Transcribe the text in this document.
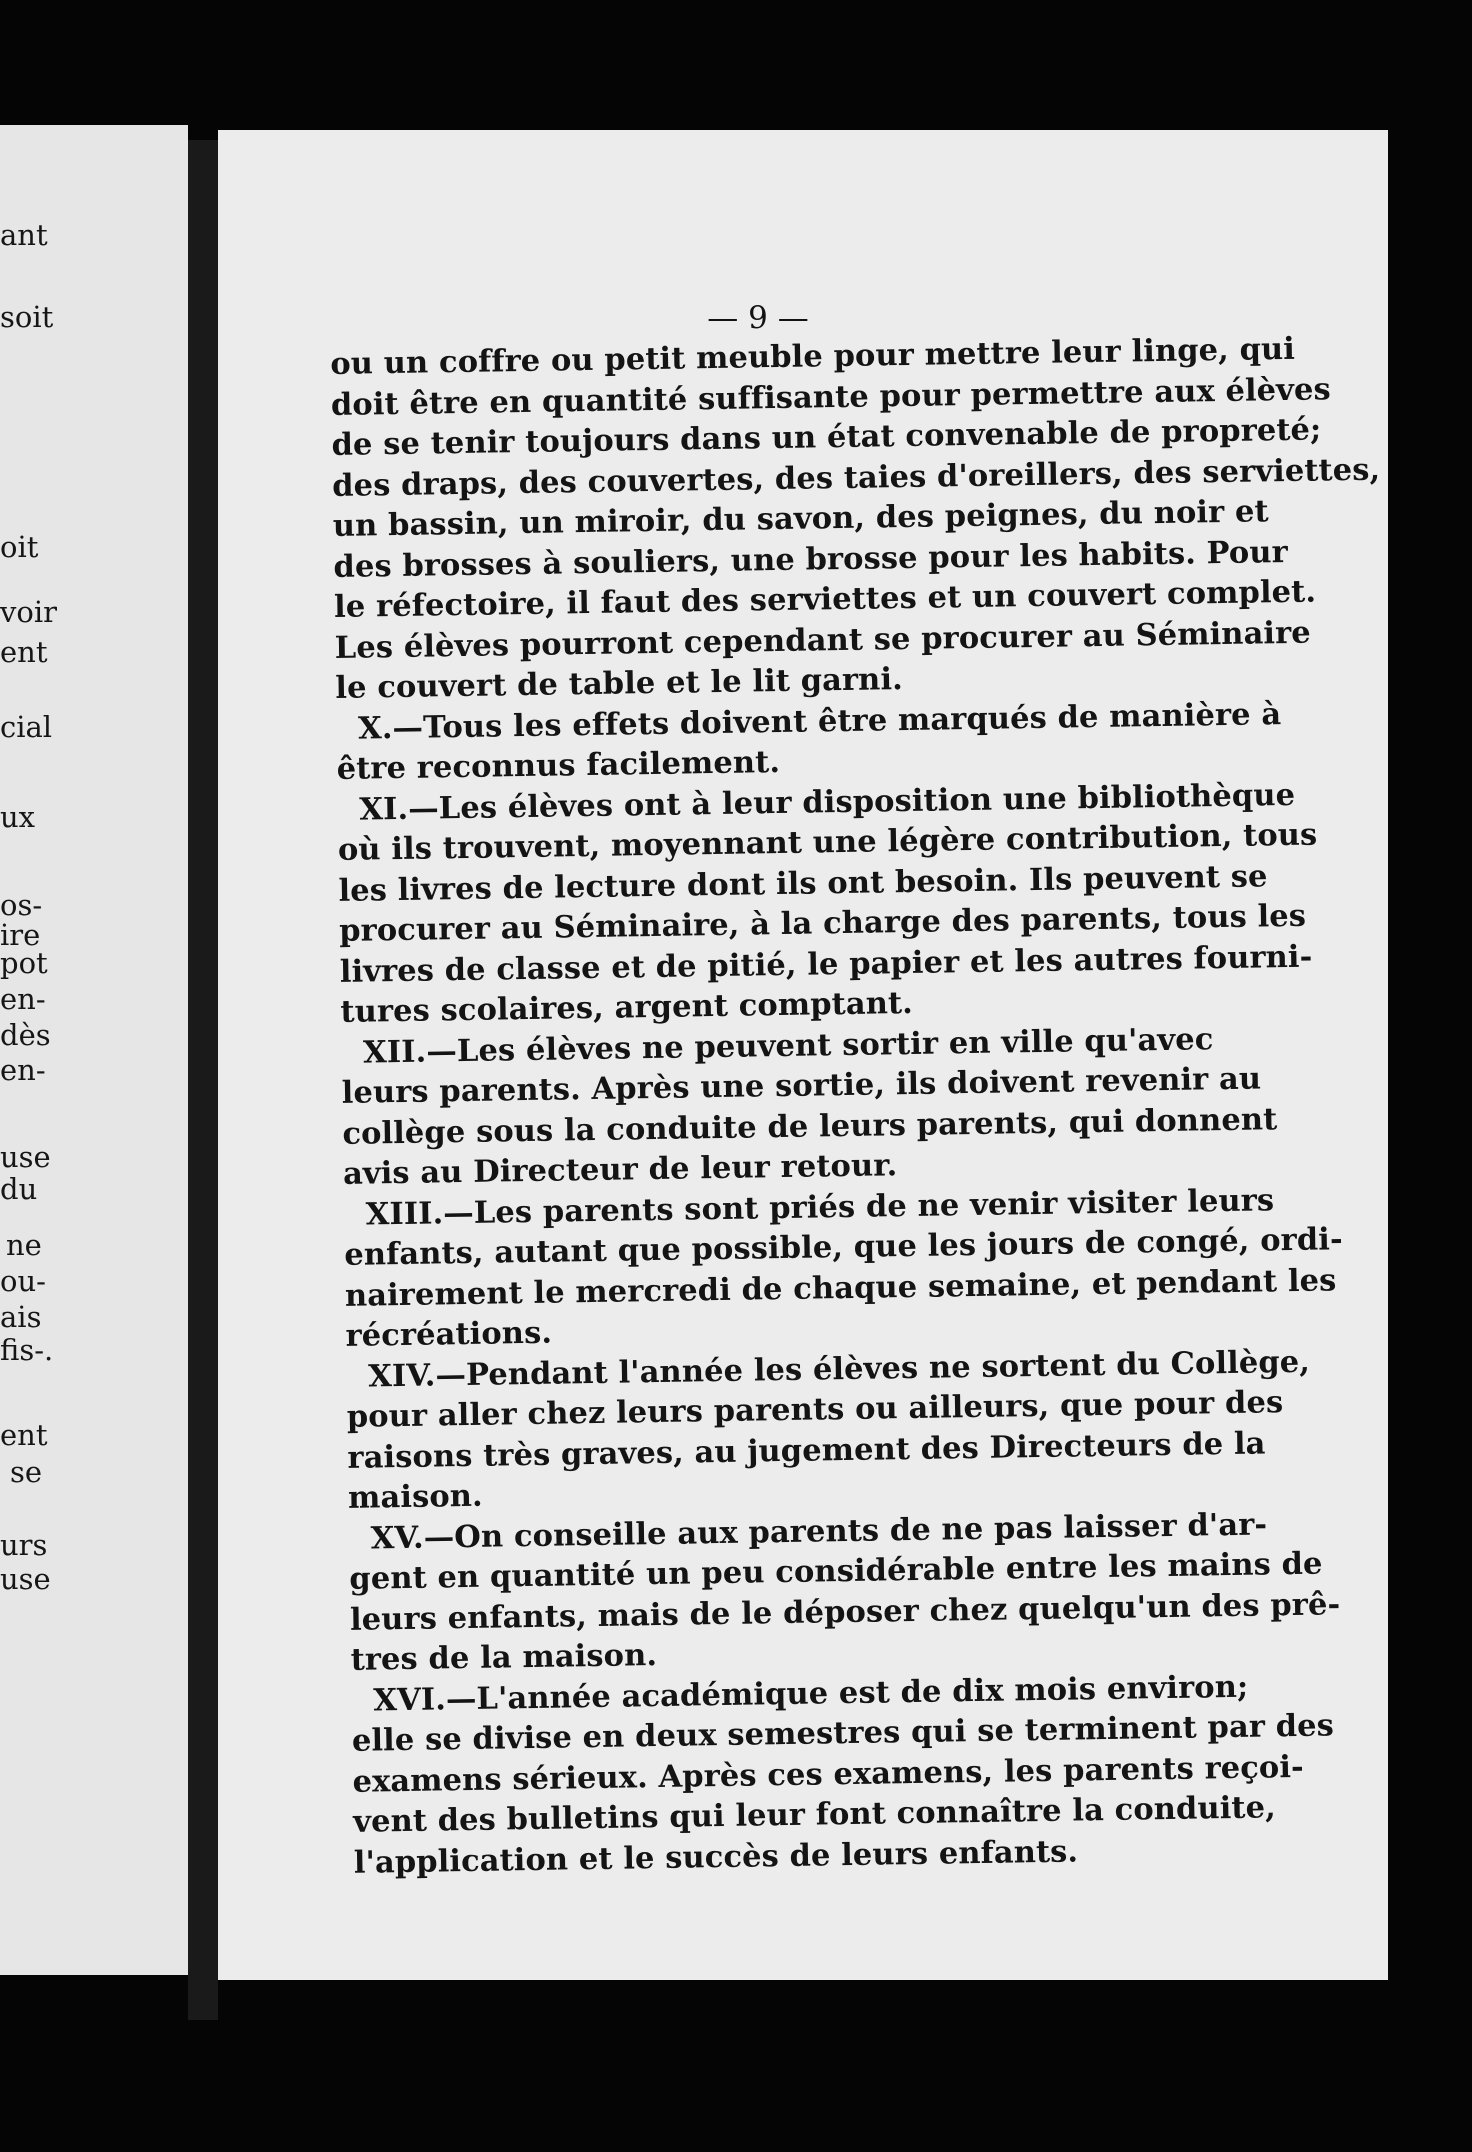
ant
soit
oit
voir
ent
cial
ux
os-
ire
pot
en-
dès
en-
use
du
ne
ou-
ais
fis-.
ent
se
urs
use
— 9 —
ou un coffre ou petit meuble pour mettre leur linge, qui
doit être en quantité suffisante pour permettre aux élèves
de se tenir toujours dans un état convenable de propreté;
des draps, des couvertes, des taies d'oreillers, des serviettes,
un bassin, un miroir, du savon, des peignes, du noir et
des brosses à souliers, une brosse pour les habits. Pour
le réfectoire, il faut des serviettes et un couvert complet.
Les élèves pourront cependant se procurer au Séminaire
le couvert de table et le lit garni.
X.—Tous les effets doivent être marqués de manière à
être reconnus facilement.
XI.—Les élèves ont à leur disposition une bibliothèque
où ils trouvent, moyennant une légère contribution, tous
les livres de lecture dont ils ont besoin. Ils peuvent se
procurer au Séminaire, à la charge des parents, tous les
livres de classe et de pitié, le papier et les autres fourni-
tures scolaires, argent comptant.
XII.—Les élèves ne peuvent sortir en ville qu'avec
leurs parents. Après une sortie, ils doivent revenir au
collège sous la conduite de leurs parents, qui donnent
avis au Directeur de leur retour.
XIII.—Les parents sont priés de ne venir visiter leurs
enfants, autant que possible, que les jours de congé, ordi-
nairement le mercredi de chaque semaine, et pendant les
récréations.
XIV.—Pendant l'année les élèves ne sortent du Collège,
pour aller chez leurs parents ou ailleurs, que pour des
raisons très graves, au jugement des Directeurs de la
maison.
XV.—On conseille aux parents de ne pas laisser d'ar-
gent en quantité un peu considérable entre les mains de
leurs enfants, mais de le déposer chez quelqu'un des prê-
tres de la maison.
XVI.—L'année académique est de dix mois environ;
elle se divise en deux semestres qui se terminent par des
examens sérieux. Après ces examens, les parents reçoi-
vent des bulletins qui leur font connaître la conduite,
l'application et le succès de leurs enfants.
